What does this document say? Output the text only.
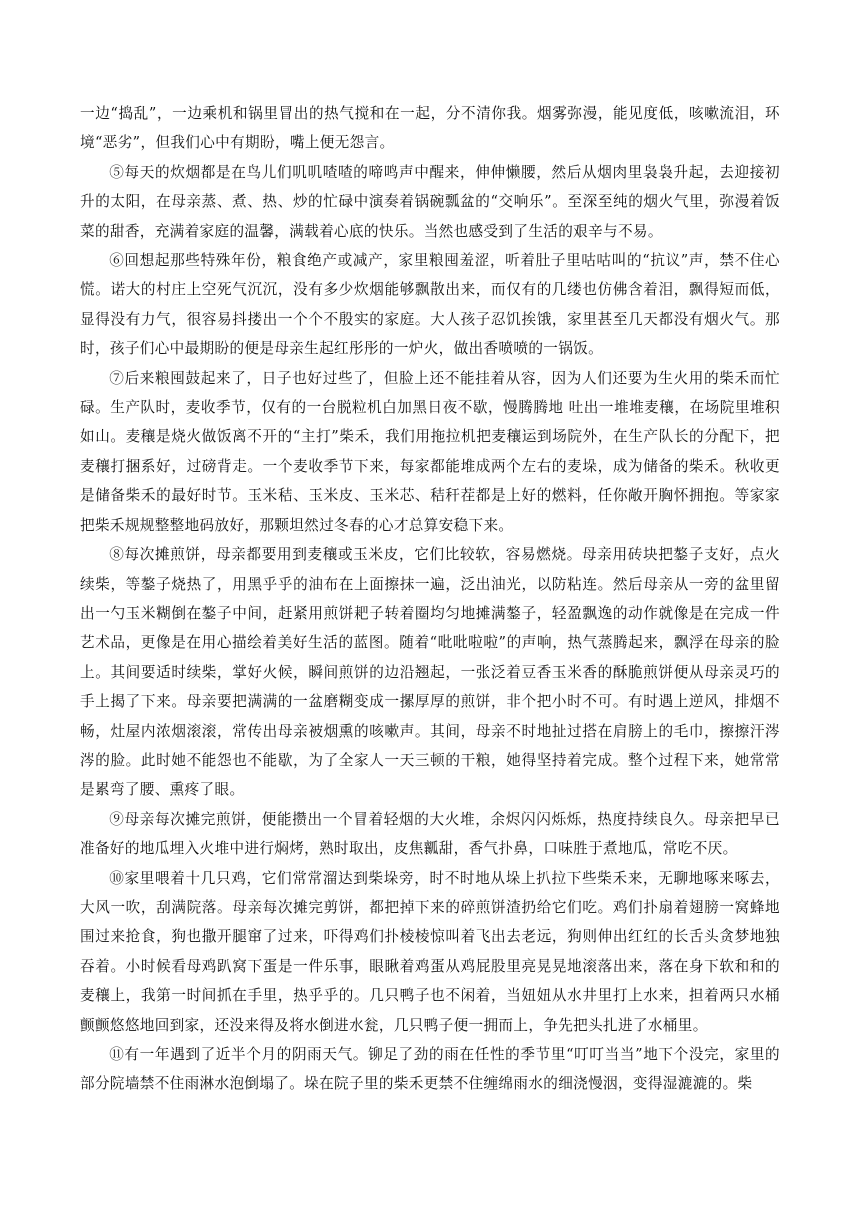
一边“捣乱”，一边乘机和锅里冒出的热气搅和在一起，分不清你我。烟雾弥漫，能见度低，咳嗽流泪，环境“恶劣”，但我们心中有期盼，嘴上便无怨言。

⑤每天的炊烟都是在鸟儿们叽叽喳喳的啼鸣声中醒来，伸伸懒腰，然后从烟肉里袅袅升起，去迎接初升的太阳，在母亲蒸、煮、热、炒的忙碌中演奏着锅碗瓢盆的“交响乐”。至深至纯的烟火气里，弥漫着饭菜的甜香，充满着家庭的温馨，满载着心底的快乐。当然也感受到了生活的艰辛与不易。

⑥回想起那些特殊年份，粮食绝产或减产，家里粮囤羞涩，听着肚子里咕咕叫的“抗议”声，禁不住心慌。诺大的村庄上空死气沉沉，没有多少炊烟能够飘散出来，而仅有的几缕也仿佛含着泪，飘得短而低，显得没有力气，很容易抖搂出一个个不殷实的家庭。大人孩子忍饥挨饿，家里甚至几天都没有烟火气。那时，孩子们心中最期盼的便是母亲生起红彤彤的一炉火，做出香喷喷的一锅饭。

⑦后来粮囤鼓起来了，日子也好过些了，但脸上还不能挂着从容，因为人们还要为生火用的柴禾而忙碌。生产队时，麦收季节，仅有的一台脱粒机白加黑日夜不歇，慢腾腾地 吐出一堆堆麦穰，在场院里堆积如山。麦穰是烧火做饭离不开的“主打”柴禾，我们用拖拉机把麦穰运到场院外，在生产队长的分配下，把麦穰打捆系好，过磅背走。一个麦收季节下来，每家都能堆成两个左右的麦垛，成为储备的柴禾。秋收更是储备柴禾的最好时节。玉米秸、玉米皮、玉米芯、秸秆茬都是上好的燃料，任你敞开胸怀拥抱。等家家把柴禾规规整整地码放好，那颗坦然过冬春的心才总算安稳下来。

⑧每次摊煎饼，母亲都要用到麦穰或玉米皮，它们比较软，容易燃烧。母亲用砖块把鏊子支好，点火续柴，等鏊子烧热了，用黑乎乎的油布在上面擦抹一遍，泛出油光，以防粘连。然后母亲从一旁的盆里留出一勺玉米糊倒在鏊子中间，赶紧用煎饼耙子转着圈均匀地摊满鏊子，轻盈飘逸的动作就像是在完成一件艺术品，更像是在用心描绘着美好生活的蓝图。随着“吡吡啦啦”的声响，热气蒸腾起来，飘浮在母亲的脸上。其间要适时续柴，掌好火候，瞬间煎饼的边沿翘起，一张泛着豆香玉米香的酥脆煎饼便从母亲灵巧的手上揭了下来。母亲要把满满的一盆磨糊变成一摞厚厚的煎饼，非个把小时不可。有时遇上逆风，排烟不畅，灶屋内浓烟滚滚，常传出母亲被烟熏的咳嗽声。其间，母亲不时地扯过搭在肩膀上的毛巾，擦擦汗涔涔的脸。此时她不能怨也不能歇，为了全家人一天三顿的干粮，她得坚持着完成。整个过程下来，她常常是累弯了腰、熏疼了眼。

⑨母亲每次摊完煎饼，便能攒出一个冒着轻烟的大火堆，余烬闪闪烁烁，热度持续良久。母亲把早已准备好的地瓜埋入火堆中进行焖烤，熟时取出，皮焦瓤甜，香气扑鼻，口味胜于煮地瓜，常吃不厌。

⑩家里喂着十几只鸡，它们常常溜达到柴垛旁，时不时地从垛上扒拉下些柴禾来，无聊地啄来啄去，大风一吹，刮满院落。母亲每次摊完剪饼，都把掉下来的碎煎饼渣扔给它们吃。鸡们扑扇着翅膀一窝蜂地围过来抢食，狗也撒开腿窜了过来，吓得鸡们扑棱棱惊叫着飞出去老远，狗则伸出红红的长舌头贪梦地独吞着。小时候看母鸡趴窝下蛋是一件乐事，眼瞅着鸡蛋从鸡屁股里亮晃晃地滚落出来，落在身下软和和的麦穰上，我第一时间抓在手里，热乎乎的。几只鸭子也不闲着，当妞妞从水井里打上水来，担着两只水桶颤颤悠悠地回到家，还没来得及将水倒进水瓮，几只鸭子便一拥而上，争先把头扎进了水桶里。

⑪有一年遇到了近半个月的阴雨天气。铆足了劲的雨在任性的季节里“叮叮当当”地下个没完，家里的部分院墙禁不住雨淋水泡倒塌了。垛在院子里的柴禾更禁不住缠绵雨水的细浇慢洇，变得湿漉漉的。柴
